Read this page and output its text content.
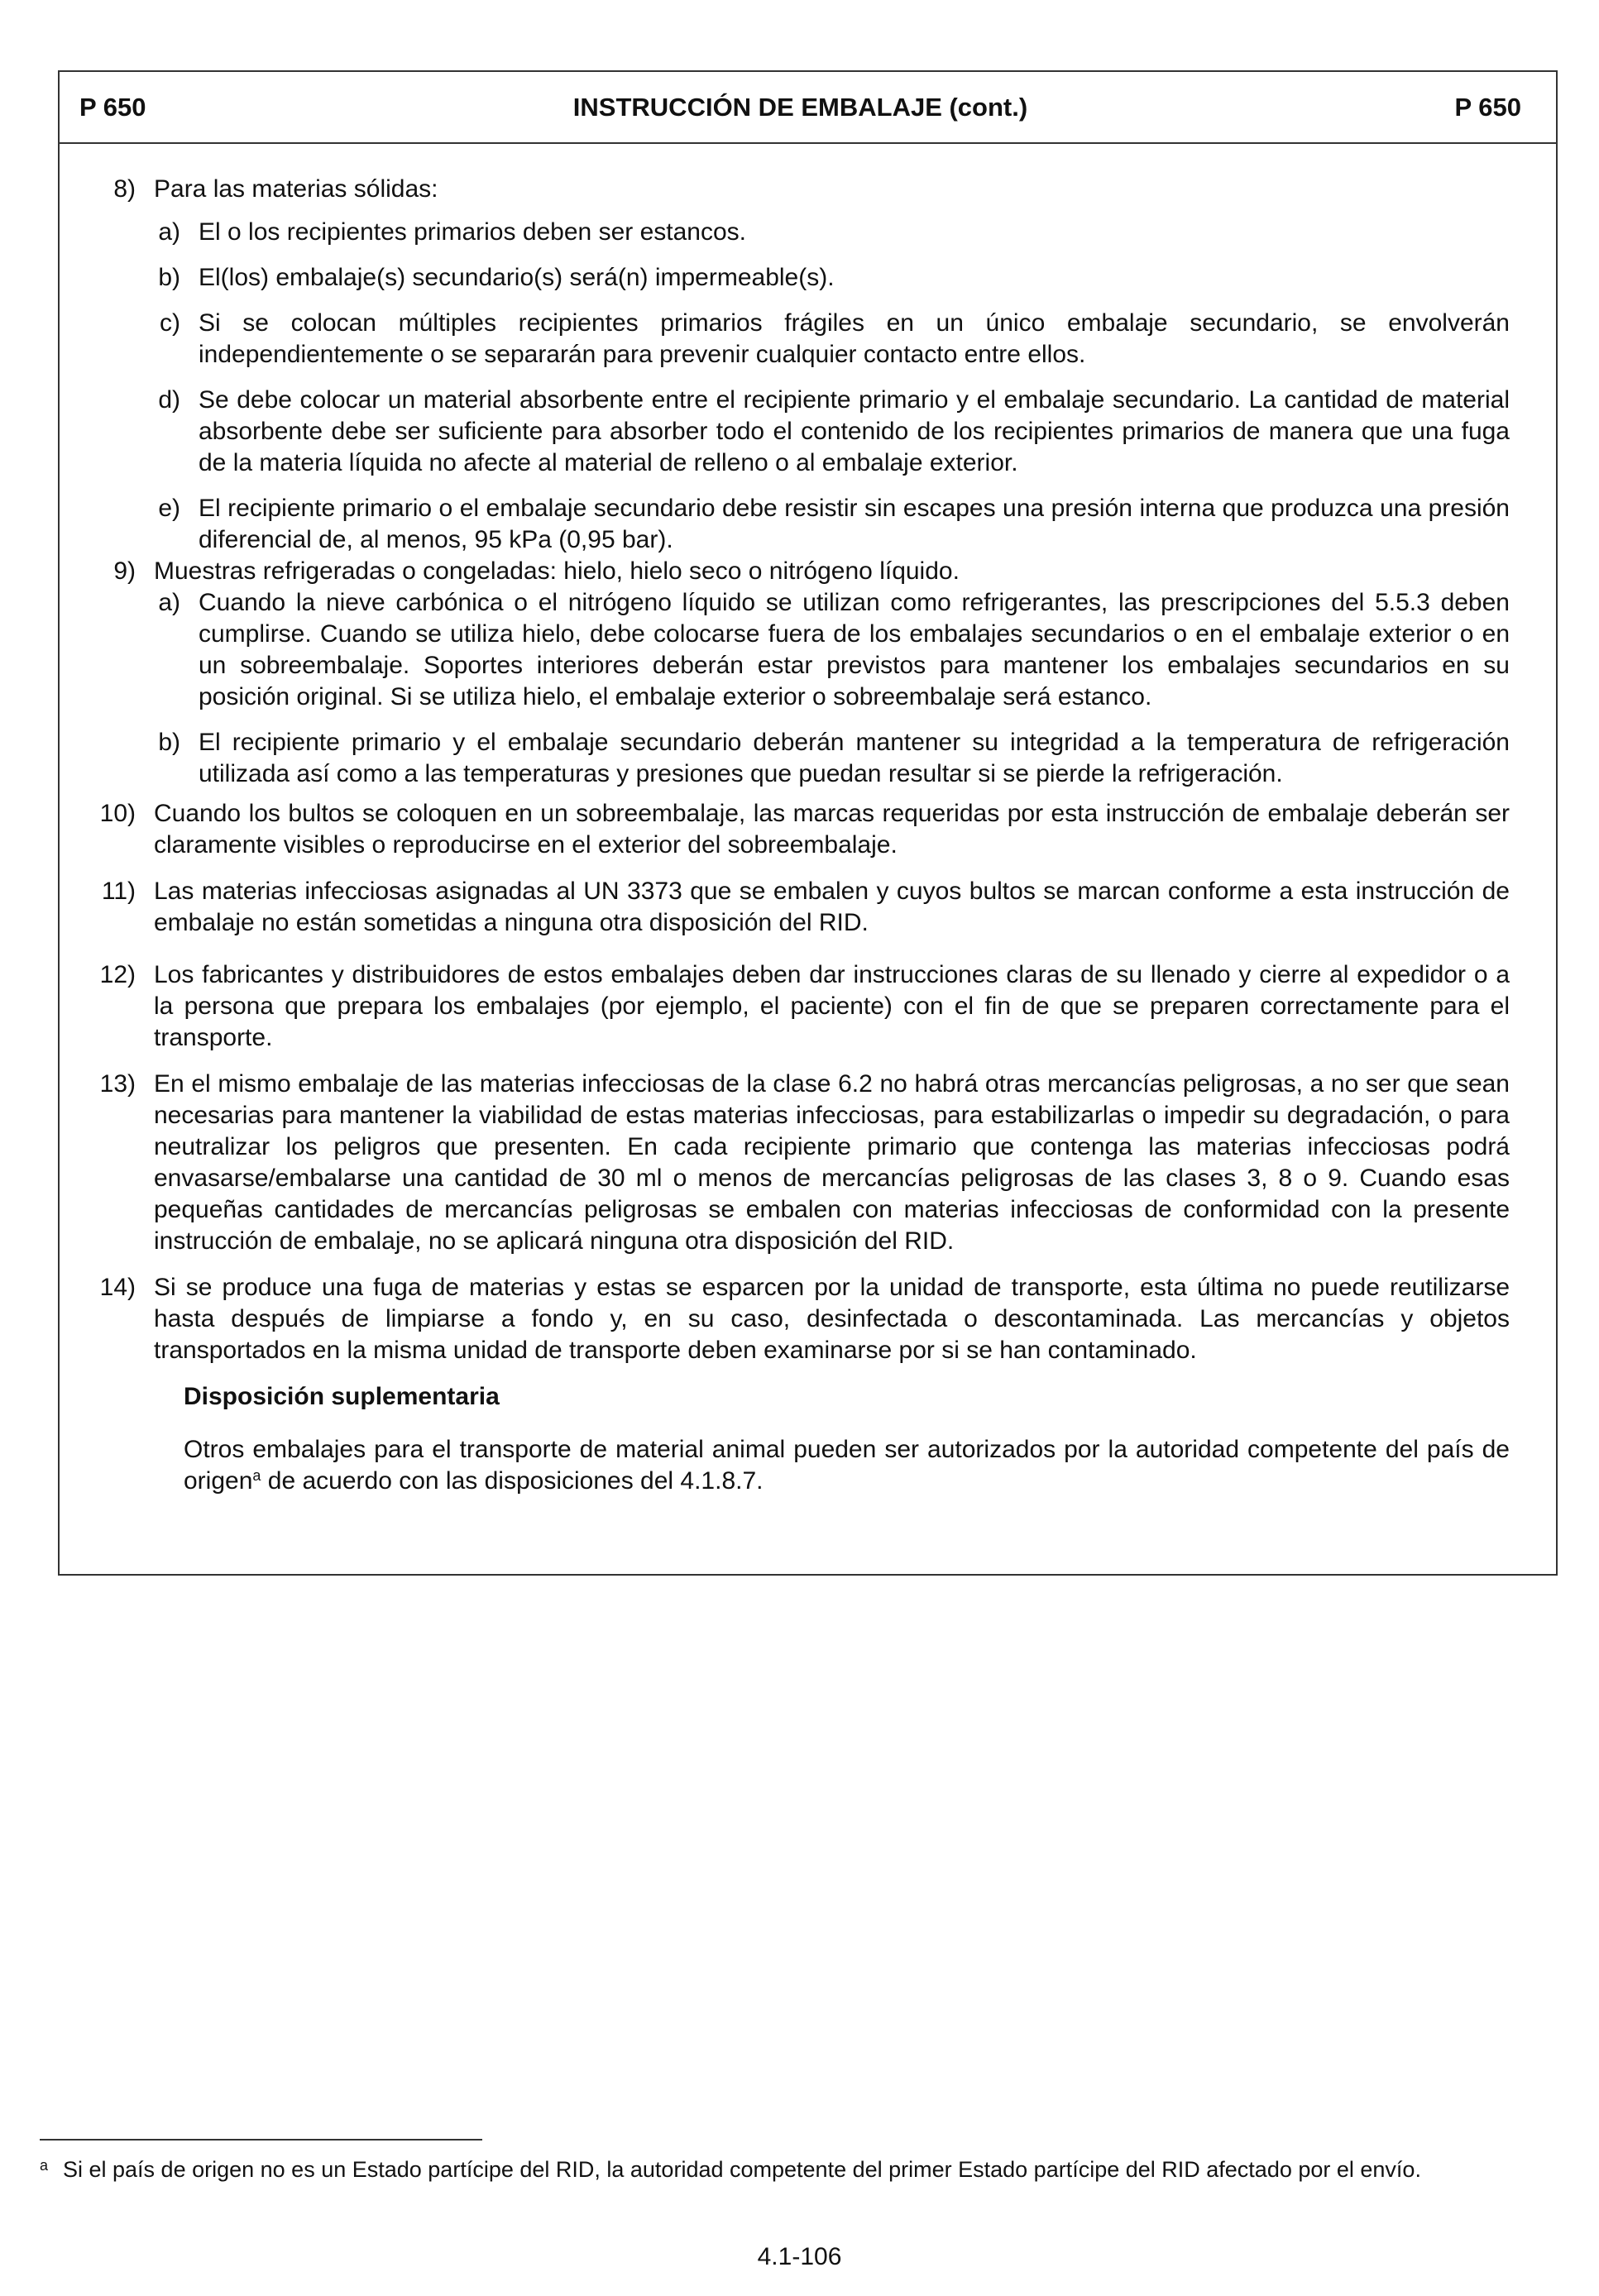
P 650	INSTRUCCIÓN DE EMBALAJE (cont.)	P 650
8) Para las materias sólidas:
a) El o los recipientes primarios deben ser estancos.
b) El(los) embalaje(s) secundario(s) será(n) impermeable(s).
c) Si se colocan múltiples recipientes primarios frágiles en un único embalaje secundario, se envolverán independientemente o se separarán para prevenir cualquier contacto entre ellos.
d) Se debe colocar un material absorbente entre el recipiente primario y el embalaje secundario. La cantidad de material absorbente debe ser suficiente para absorber todo el contenido de los recipientes primarios de manera que una fuga de la materia líquida no afecte al material de relleno o al embalaje exterior.
e) El recipiente primario o el embalaje secundario debe resistir sin escapes una presión interna que produzca una presión diferencial de, al menos, 95 kPa (0,95 bar).
9) Muestras refrigeradas o congeladas: hielo, hielo seco o nitrógeno líquido.
a) Cuando la nieve carbónica o el nitrógeno líquido se utilizan como refrigerantes, las prescripciones del 5.5.3 deben cumplirse. Cuando se utiliza hielo, debe colocarse fuera de los embalajes secundarios o en el embalaje exterior o en un sobreembalaje. Soportes interiores deberán estar previstos para mantener los embalajes secundarios en su posición original. Si se utiliza hielo, el embalaje exterior o sobreembalaje será estanco.
b) El recipiente primario y el embalaje secundario deberán mantener su integridad a la temperatura de refrigeración utilizada así como a las temperaturas y presiones que puedan resultar si se pierde la refrigeración.
10) Cuando los bultos se coloquen en un sobreembalaje, las marcas requeridas por esta instrucción de embalaje deberán ser claramente visibles o reproducirse en el exterior del sobreembalaje.
11) Las materias infecciosas asignadas al UN 3373 que se embalen y cuyos bultos se marcan conforme a esta instrucción de embalaje no están sometidas a ninguna otra disposición del RID.
12) Los fabricantes y distribuidores de estos embalajes deben dar instrucciones claras de su llenado y cierre al expedidor o a la persona que prepara los embalajes (por ejemplo, el paciente) con el fin de que se preparen correctamente para el transporte.
13) En el mismo embalaje de las materias infecciosas de la clase 6.2 no habrá otras mercancías peligrosas, a no ser que sean necesarias para mantener la viabilidad de estas materias infecciosas, para estabilizarlas o impedir su degradación, o para neutralizar los peligros que presenten. En cada recipiente primario que contenga las materias infecciosas podrá envasarse/embalarse una cantidad de 30 ml o menos de mercancías peligrosas de las clases 3, 8 o 9. Cuando esas pequeñas cantidades de mercancías peligrosas se embalen con materias infecciosas de conformidad con la presente instrucción de embalaje, no se aplicará ninguna otra disposición del RID.
14) Si se produce una fuga de materias y estas se esparcen por la unidad de transporte, esta última no puede reutilizarse hasta después de limpiarse a fondo y, en su caso, desinfectada o descontaminada. Las mercancías y objetos transportados en la misma unidad de transporte deben examinarse por si se han contaminado.
Disposición suplementaria
Otros embalajes para el transporte de material animal pueden ser autorizados por la autoridad competente del país de origen$^a$ de acuerdo con las disposiciones del 4.1.8.7.
a Si el país de origen no es un Estado partícipe del RID, la autoridad competente del primer Estado partícipe del RID afectado por el envío.
4.1-106
